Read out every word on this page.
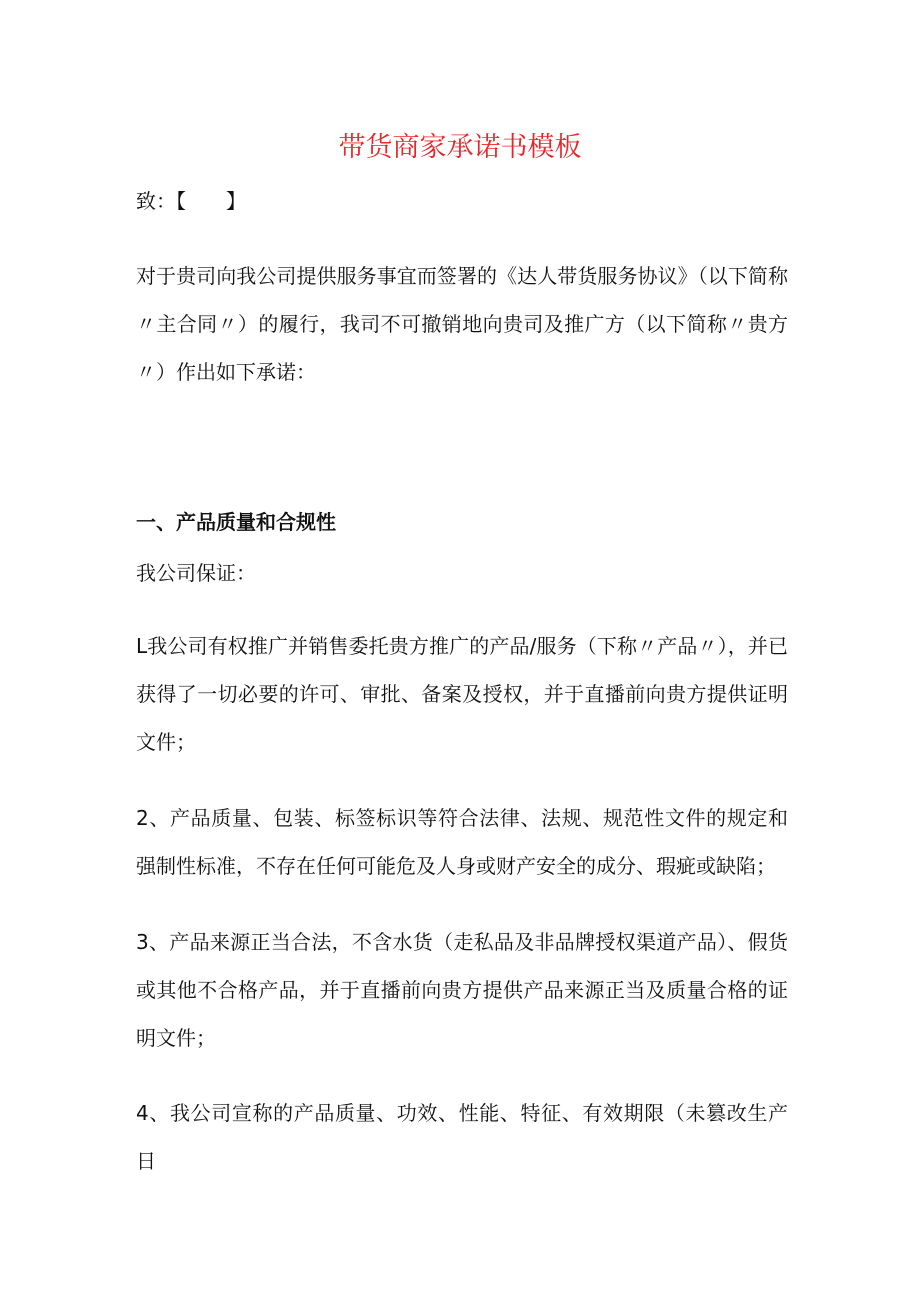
带货商家承诺书模板
致：【　　】
对于贵司向我公司提供服务事宜而签署的《达人带货服务协议》（以下简称〃主合同〃）的履行，我司不可撤销地向贵司及推广方（以下简称〃贵方〃）作出如下承诺：
一、产品质量和合规性
我公司保证：
L我公司有权推广并销售委托贵方推广的产品/服务（下称〃产品〃），并已获得了一切必要的许可、审批、备案及授权，并于直播前向贵方提供证明文件；
2、产品质量、包装、标签标识等符合法律、法规、规范性文件的规定和强制性标准，不存在任何可能危及人身或财产安全的成分、瑕疵或缺陷；
3、产品来源正当合法，不含水货（走私品及非品牌授权渠道产品）、假货或其他不合格产品，并于直播前向贵方提供产品来源正当及质量合格的证明文件；
4、我公司宣称的产品质量、功效、性能、特征、有效期限（未篡改生产日
